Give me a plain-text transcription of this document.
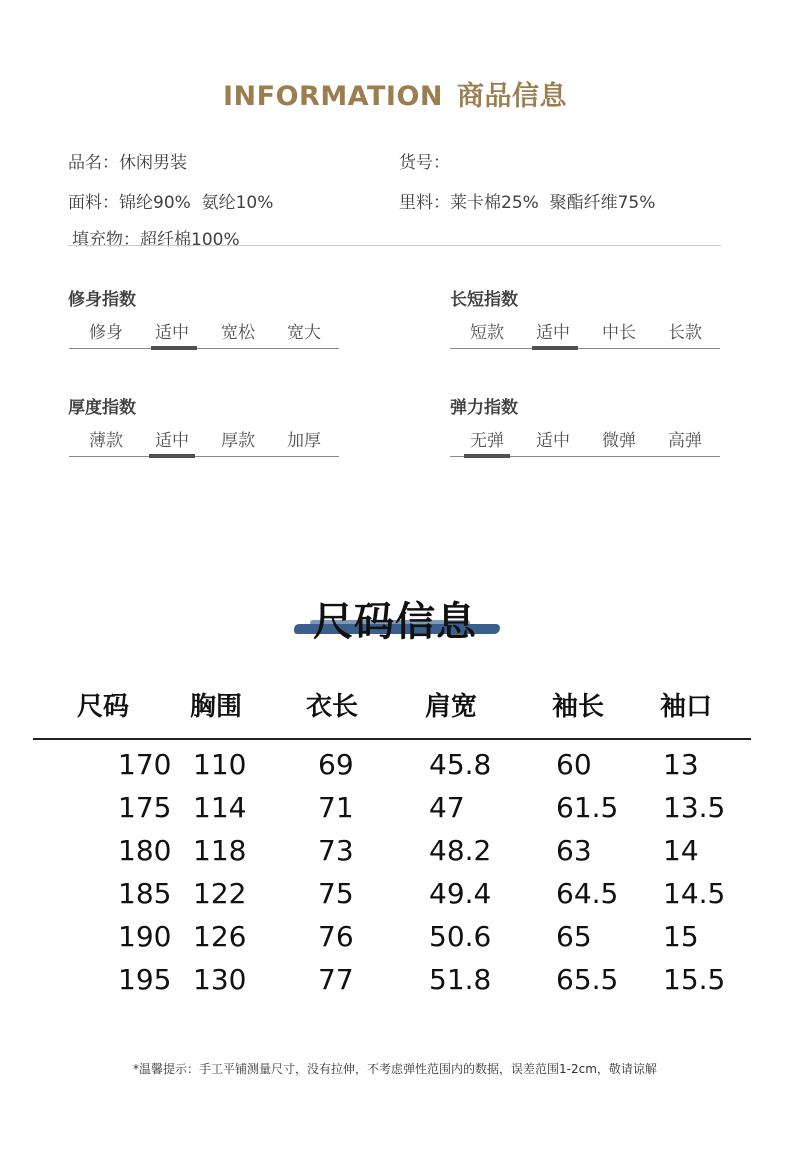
INFORMATION 商品信息
品名：休闲男装	货号：
面料：锦纶90%  氨纶10%	里料：莱卡棉25%  聚酯纤维75%
填充物：超纤棉100%
修身指数
修身	适中	宽松	宽大
长短指数
短款	适中	中长	长款
厚度指数
薄款	适中	厚款	加厚
弹力指数
无弹	适中	微弹	高弹
尺码信息
尺码 胸围 衣长	肩宽	袖长 袖口
170 110	69	45.8 60	13
175 114	71	47	61.5 13.5
180 118	73	48.2 63	14
185 122	75	49.4 64.5 14.5
190 126	76	50.6 65	15
195 130	77	51.8 65.5 15.5
*温馨提示：手工平铺测量尺寸，没有拉伸，不考虑弹性范围内的数据，误差范围1-2cm，敬请谅解
